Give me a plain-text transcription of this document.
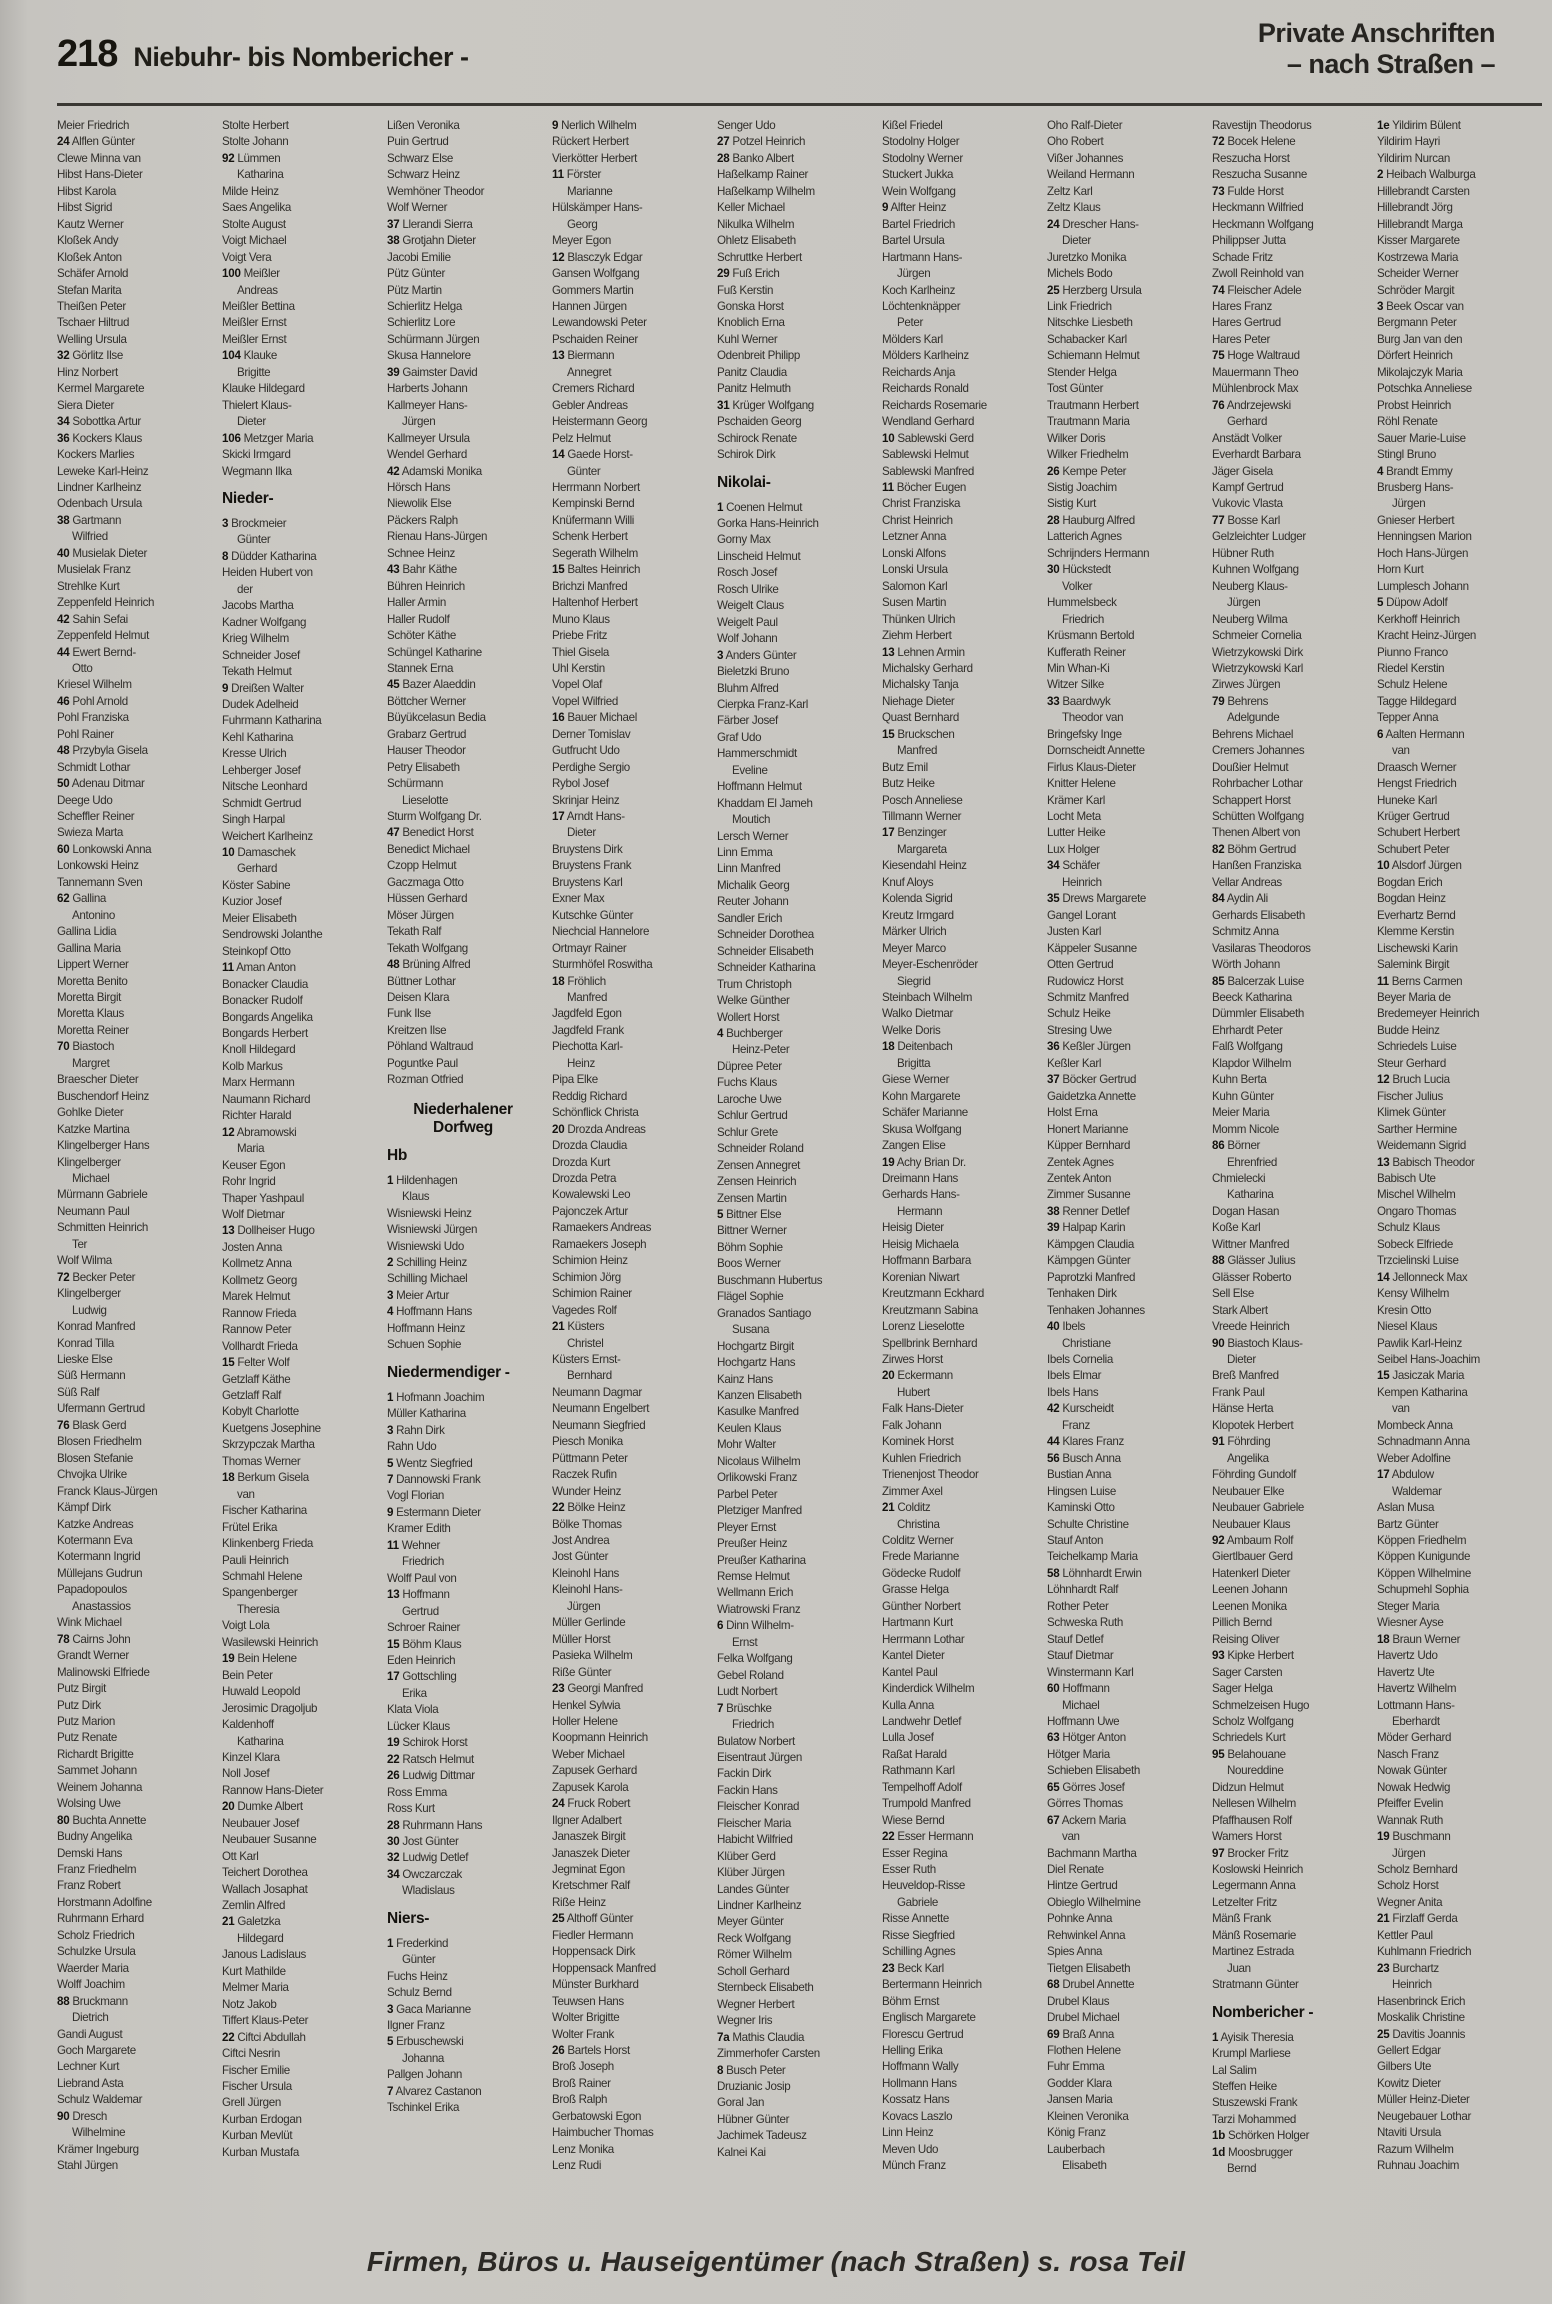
218 Niebuhr- bis Nombericher -
Private Anschriften
– nach Straßen –
Meier Friedrich
24 Alflen Günter
Clewe Minna van
Hibst Hans-Dieter
Hibst Karola
Hibst Sigrid
Kautz Werner
Kloßek Andy
Kloßek Anton
Schäfer Arnold
Stefan Marita
Theißen Peter
Tschaer Hiltrud
Welling Ursula
32 Görlitz Ilse
Hinz Norbert
Kermel Margarete
Siera Dieter
34 Sobottka Artur
36 Kockers Klaus
Kockers Marlies
Leweke Karl-Heinz
Lindner Karlheinz
Odenbach Ursula
38 Gartmann
Wilfried
40 Musielak Dieter
Musielak Franz
Strehlke Kurt
Zeppenfeld Heinrich
42 Sahin Sefai
Zeppenfeld Helmut
44 Ewert Bernd-
Otto
Kriesel Wilhelm
46 Pohl Arnold
Pohl Franziska
Pohl Rainer
48 Przybyla Gisela
Schmidt Lothar
50 Adenau Ditmar
Deege Udo
Scheffler Reiner
Swieza Marta
60 Lonkowski Anna
Lonkowski Heinz
Tannemann Sven
62 Gallina
Antonino
Gallina Lidia
Gallina Maria
Lippert Werner
Moretta Benito
Moretta Birgit
Moretta Klaus
Moretta Reiner
70 Biastoch
Margret
Braescher Dieter
Buschendorf Heinz
Gohlke Dieter
Katzke Martina
Klingelberger Hans
Klingelberger
Michael
Mürmann Gabriele
Neumann Paul
Schmitten Heinrich
Ter
Wolf Wilma
72 Becker Peter
Klingelberger
Ludwig
Konrad Manfred
Konrad Tilla
Lieske Else
Süß Hermann
Süß Ralf
Ufermann Gertrud
76 Blask Gerd
Blosen Friedhelm
Blosen Stefanie
Chvojka Ulrike
Franck Klaus-Jürgen
Kämpf Dirk
Katzke Andreas
Kotermann Eva
Kotermann Ingrid
Müllejans Gudrun
Papadopoulos
Anastassios
Wink Michael
78 Cairns John
Grandt Werner
Malinowski Elfriede
Putz Birgit
Putz Dirk
Putz Marion
Putz Renate
Richardt Brigitte
Sammet Johann
Weinem Johanna
Wolsing Uwe
80 Buchta Annette
Budny Angelika
Demski Hans
Franz Friedhelm
Franz Robert
Horstmann Adolfine
Ruhrmann Erhard
Scholz Friedrich
Schulzke Ursula
Waerder Maria
Wolff Joachim
88 Bruckmann
Dietrich
Gandi August
Goch Margarete
Lechner Kurt
Liebrand Asta
Schulz Waldemar
90 Dresch
Wilhelmine
Krämer Ingeburg
Stahl Jürgen
Stolte Herbert
Stolte Johann
92 Lümmen
Katharina
Milde Heinz
Saes Angelika
Stolte August
Voigt Michael
Voigt Vera
100 Meißler
Andreas
Meißler Bettina
Meißler Ernst
Meißler Ernst
104 Klauke
Brigitte
Klauke Hildegard
Thielert Klaus-
Dieter
106 Metzger Maria
Skicki Irmgard
Wegmann Ilka
Nieder-
3 Brockmeier
Günter
8 Düdder Katharina
Heiden Hubert von
der
Jacobs Martha
Kadner Wolfgang
Krieg Wilhelm
Schneider Josef
Tekath Helmut
9 Dreißen Walter
Dudek Adelheid
Fuhrmann Katharina
Kehl Katharina
Kresse Ulrich
Lehberger Josef
Nitsche Leonhard
Schmidt Gertrud
Singh Harpal
Weichert Karlheinz
10 Damaschek
Gerhard
Köster Sabine
Kuzior Josef
Meier Elisabeth
Sendrowski Jolanthe
Steinkopf Otto
11 Aman Anton
Bonacker Claudia
Bonacker Rudolf
Bongards Angelika
Bongards Herbert
Knoll Hildegard
Kolb Markus
Marx Hermann
Naumann Richard
Richter Harald
12 Abramowski
Maria
Keuser Egon
Rohr Ingrid
Thaper Yashpaul
Wolf Dietmar
13 Dollheiser Hugo
Josten Anna
Kollmetz Anna
Kollmetz Georg
Marek Helmut
Rannow Frieda
Rannow Peter
Vollhardt Frieda
15 Felter Wolf
Getzlaff Käthe
Getzlaff Ralf
Kobylt Charlotte
Kuetgens Josephine
Skrzypczak Martha
Thomas Werner
18 Berkum Gisela
van
Fischer Katharina
Frütel Erika
Klinkenberg Frieda
Pauli Heinrich
Schmahl Helene
Spangenberger
Theresia
Voigt Lola
Wasilewski Heinrich
19 Bein Helene
Bein Peter
Huwald Leopold
Jerosimic Dragoljub
Kaldenhoff
Katharina
Kinzel Klara
Noll Josef
Rannow Hans-Dieter
20 Dumke Albert
Neubauer Josef
Neubauer Susanne
Ott Karl
Teichert Dorothea
Wallach Josaphat
Zemlin Alfred
21 Galetzka
Hildegard
Janous Ladislaus
Kurt Mathilde
Melmer Maria
Notz Jakob
Tiffert Klaus-Peter
22 Ciftci Abdullah
Ciftci Nesrin
Fischer Emilie
Fischer Ursula
Grell Jürgen
Kurban Erdogan
Kurban Mevlüt
Kurban Mustafa
Lißen Veronika
Puin Gertrud
Schwarz Else
Schwarz Heinz
Wemhöner Theodor
Wolf Werner
37 Llerandi Sierra
38 Grotjahn Dieter
Jacobi Emilie
Pütz Günter
Pütz Martin
Schierlitz Helga
Schierlitz Lore
Schürmann Jürgen
Skusa Hannelore
39 Gaimster David
Harberts Johann
Kallmeyer Hans-
Jürgen
Kallmeyer Ursula
Wendel Gerhard
42 Adamski Monika
Hörsch Hans
Niewolik Else
Päckers Ralph
Rienau Hans-Jürgen
Schnee Heinz
43 Bahr Käthe
Bühren Heinrich
Haller Armin
Haller Rudolf
Schöter Käthe
Schüngel Katharine
Stannek Erna
45 Bazer Alaeddin
Böttcher Werner
Büyükcelasun Bedia
Grabarz Gertrud
Hauser Theodor
Petry Elisabeth
Schürmann
Lieselotte
Sturm Wolfgang Dr.
47 Benedict Horst
Benedict Michael
Czopp Helmut
Gaczmaga Otto
Hüssen Gerhard
Möser Jürgen
Tekath Ralf
Tekath Wolfgang
48 Brüning Alfred
Büttner Lothar
Deisen Klara
Funk Ilse
Kreitzen Ilse
Pöhland Waltraud
Poguntke Paul
Rozman Otfried
Niederhalener Dorfweg
Hb
1 Hildenhagen
Klaus
Wisniewski Heinz
Wisniewski Jürgen
Wisniewski Udo
2 Schilling Heinz
Schilling Michael
3 Meier Artur
4 Hoffmann Hans
Hoffmann Heinz
Schuen Sophie
Niedermendiger -
1 Hofmann Joachim
Müller Katharina
3 Rahn Dirk
Rahn Udo
5 Wentz Siegfried
7 Dannowski Frank
Vogl Florian
9 Estermann Dieter
Kramer Edith
11 Wehner
Friedrich
Wolff Paul von
13 Hoffmann
Gertrud
Schroer Rainer
15 Böhm Klaus
Eden Heinrich
17 Gottschling
Erika
Klata Viola
Lücker Klaus
19 Schirok Horst
22 Ratsch Helmut
26 Ludwig Dittmar
Ross Emma
Ross Kurt
28 Ruhrmann Hans
30 Jost Günter
32 Ludwig Detlef
34 Owczarczak
Wladislaus
Niers-
1 Frederkind
Günter
Fuchs Heinz
Schulz Bernd
3 Gaca Marianne
Ilgner Franz
5 Erbuschewski
Johanna
Pallgen Johann
7 Alvarez Castanon
Tschinkel Erika
9 Nerlich Wilhelm
Rückert Herbert
Vierkötter Herbert
11 Förster
Marianne
Hülskämper Hans-
Georg
Meyer Egon
12 Blasczyk Edgar
Gansen Wolfgang
Gommers Martin
Hannen Jürgen
Lewandowski Peter
Pschaiden Reiner
13 Biermann
Annegret
Cremers Richard
Gebler Andreas
Heistermann Georg
Pelz Helmut
14 Gaede Horst-
Günter
Herrmann Norbert
Kempinski Bernd
Knüfermann Willi
Schenk Herbert
Segerath Wilhelm
15 Baltes Heinrich
Brichzi Manfred
Haltenhof Herbert
Muno Klaus
Priebe Fritz
Thiel Gisela
Uhl Kerstin
Vopel Olaf
Vopel Wilfried
16 Bauer Michael
Derner Tomislav
Gutfrucht Udo
Perdighe Sergio
Rybol Josef
Skrinjar Heinz
17 Arndt Hans-
Dieter
Bruystens Dirk
Bruystens Frank
Bruystens Karl
Exner Max
Kutschke Günter
Niechcial Hannelore
Ortmayr Rainer
Sturmhöfel Roswitha
18 Fröhlich
Manfred
Jagdfeld Egon
Jagdfeld Frank
Piechotta Karl-
Heinz
Pipa Elke
Reddig Richard
Schönflick Christa
20 Drozda Andreas
Drozda Claudia
Drozda Kurt
Drozda Petra
Kowalewski Leo
Pajonczek Artur
Ramaekers Andreas
Ramaekers Joseph
Schimion Heinz
Schimion Jörg
Schimion Rainer
Vagedes Rolf
21 Küsters
Christel
Küsters Ernst-
Bernhard
Neumann Dagmar
Neumann Engelbert
Neumann Siegfried
Piesch Monika
Püttmann Peter
Raczek Rufin
Wunder Heinz
22 Bölke Heinz
Bölke Thomas
Jost Andrea
Jost Günter
Kleinohl Hans
Kleinohl Hans-
Jürgen
Müller Gerlinde
Müller Horst
Pasieka Wilhelm
Riße Günter
23 Georgi Manfred
Henkel Sylwia
Holler Helene
Koopmann Heinrich
Weber Michael
Zapusek Gerhard
Zapusek Karola
24 Fruck Robert
Ilgner Adalbert
Janaszek Birgit
Janaszek Dieter
Jegminat Egon
Kretschmer Ralf
Riße Heinz
25 Althoff Günter
Fiedler Hermann
Hoppensack Dirk
Hoppensack Manfred
Münster Burkhard
Teuwsen Hans
Wolter Brigitte
Wolter Frank
26 Bartels Horst
Broß Joseph
Broß Rainer
Broß Ralph
Gerbatowski Egon
Haimbucher Thomas
Lenz Monika
Lenz Rudi
Senger Udo
27 Potzel Heinrich
28 Banko Albert
Haßelkamp Rainer
Haßelkamp Wilhelm
Keller Michael
Nikulka Wilhelm
Ohletz Elisabeth
Schruttke Herbert
29 Fuß Erich
Fuß Kerstin
Gonska Horst
Knoblich Erna
Kuhl Werner
Odenbreit Philipp
Panitz Claudia
Panitz Helmuth
31 Krüger Wolfgang
Pschaiden Georg
Schirock Renate
Schirok Dirk
Nikolai-
1 Coenen Helmut
Gorka Hans-Heinrich
Gorny Max
Linscheid Helmut
Rosch Josef
Rosch Ulrike
Weigelt Claus
Weigelt Paul
Wolf Johann
3 Anders Günter
Bieletzki Bruno
Bluhm Alfred
Cierpka Franz-Karl
Färber Josef
Graf Udo
Hammerschmidt
Eveline
Hoffmann Helmut
Khaddam El Jameh
Moutich
Lersch Werner
Linn Emma
Linn Manfred
Michalik Georg
Reuter Johann
Sandler Erich
Schneider Dorothea
Schneider Elisabeth
Schneider Katharina
Trum Christoph
Welke Günther
Wollert Horst
4 Buchberger
Heinz-Peter
Düpree Peter
Fuchs Klaus
Laroche Uwe
Schlur Gertrud
Schlur Grete
Schneider Roland
Zensen Annegret
Zensen Heinrich
Zensen Martin
5 Bittner Else
Bittner Werner
Böhm Sophie
Boos Werner
Buschmann Hubertus
Flägel Sophie
Granados Santiago
Susana
Hochgartz Birgit
Hochgartz Hans
Kainz Hans
Kanzen Elisabeth
Kasulke Manfred
Keulen Klaus
Mohr Walter
Nicolaus Wilhelm
Orlikowski Franz
Parbel Peter
Pletziger Manfred
Pleyer Ernst
Preußer Heinz
Preußer Katharina
Remse Helmut
Wellmann Erich
Wiatrowski Franz
6 Dinn Wilhelm-
Ernst
Felka Wolfgang
Gebel Roland
Ludt Norbert
7 Brüschke
Friedrich
Bulatow Norbert
Eisentraut Jürgen
Fackin Dirk
Fackin Hans
Fleischer Konrad
Fleischer Maria
Habicht Wilfried
Klüber Gerd
Klüber Jürgen
Landes Günter
Lindner Karlheinz
Meyer Günter
Reck Wolfgang
Römer Wilhelm
Scholl Gerhard
Sternbeck Elisabeth
Wegner Herbert
Wegner Iris
7a Mathis Claudia
Zimmerhofer Carsten
8 Busch Peter
Druzianic Josip
Goral Jan
Hübner Günter
Jachimek Tadeusz
Kalnei Kai
Kißel Friedel
Stodolny Holger
Stodolny Werner
Stuckert Jukka
Wein Wolfgang
9 Alfter Heinz
Bartel Friedrich
Bartel Ursula
Hartmann Hans-
Jürgen
Koch Karlheinz
Löchtenknäpper
Peter
Mölders Karl
Mölders Karlheinz
Reichards Anja
Reichards Ronald
Reichards Rosemarie
Wendland Gerhard
10 Sablewski Gerd
Sablewski Helmut
Sablewski Manfred
11 Böcher Eugen
Christ Franziska
Christ Heinrich
Letzner Anna
Lonski Alfons
Lonski Ursula
Salomon Karl
Susen Martin
Thünken Ulrich
Ziehm Herbert
13 Lehnen Armin
Michalsky Gerhard
Michalsky Tanja
Niehage Dieter
Quast Bernhard
15 Bruckschen
Manfred
Butz Emil
Butz Heike
Posch Anneliese
Tillmann Werner
17 Benzinger
Margareta
Kiesendahl Heinz
Knuf Aloys
Kolenda Sigrid
Kreutz Irmgard
Märker Ulrich
Meyer Marco
Meyer-Eschenröder
Siegrid
Steinbach Wilhelm
Walko Dietmar
Welke Doris
18 Deitenbach
Brigitta
Giese Werner
Kohn Margarete
Schäfer Marianne
Skusa Wolfgang
Zangen Elise
19 Achy Brian Dr.
Dreimann Hans
Gerhards Hans-
Hermann
Heisig Dieter
Heisig Michaela
Hoffmann Barbara
Korenian Niwart
Kreutzmann Eckhard
Kreutzmann Sabina
Lorenz Lieselotte
Spellbrink Bernhard
Zirwes Horst
20 Eckermann
Hubert
Falk Hans-Dieter
Falk Johann
Kominek Horst
Kuhlen Friedrich
Trienenjost Theodor
Zimmer Axel
21 Colditz
Christina
Colditz Werner
Frede Marianne
Gödecke Rudolf
Grasse Helga
Günther Norbert
Hartmann Kurt
Herrmann Lothar
Kantel Dieter
Kantel Paul
Kinderdick Wilhelm
Kulla Anna
Landwehr Detlef
Lulla Josef
Raßat Harald
Rathmann Karl
Tempelhoff Adolf
Trumpold Manfred
Wiese Bernd
22 Esser Hermann
Esser Regina
Esser Ruth
Heuveldop-Risse
Gabriele
Risse Annette
Risse Siegfried
Schilling Agnes
23 Beck Karl
Bertermann Heinrich
Böhm Ernst
Englisch Margarete
Florescu Gertrud
Helling Erika
Hoffmann Wally
Hollmann Hans
Kossatz Hans
Kovacs Laszlo
Linn Heinz
Meven Udo
Münch Franz
Oho Ralf-Dieter
Oho Robert
Vißer Johannes
Weiland Hermann
Zeltz Karl
Zeltz Klaus
24 Drescher Hans-
Dieter
Juretzko Monika
Michels Bodo
25 Herzberg Ursula
Link Friedrich
Nitschke Liesbeth
Schabacker Karl
Schiemann Helmut
Stender Helga
Tost Günter
Trautmann Herbert
Trautmann Maria
Wilker Doris
Wilker Friedhelm
26 Kempe Peter
Sistig Joachim
Sistig Kurt
28 Hauburg Alfred
Latterich Agnes
Schrijnders Hermann
30 Hückstedt
Volker
Hummelsbeck
Friedrich
Krüsmann Bertold
Kufferath Reiner
Min Whan-Ki
Witzer Silke
33 Baardwyk
Theodor van
Bringefsky Inge
Dornscheidt Annette
Firlus Klaus-Dieter
Knitter Helene
Krämer Karl
Locht Meta
Lutter Heike
Lux Holger
34 Schäfer
Heinrich
35 Drews Margarete
Gangel Lorant
Justen Karl
Käppeler Susanne
Otten Gertrud
Rudowicz Horst
Schmitz Manfred
Schulz Heike
Stresing Uwe
36 Keßler Jürgen
Keßler Karl
37 Böcker Gertrud
Gaidetzka Annette
Holst Erna
Honert Marianne
Küpper Bernhard
Zentek Agnes
Zentek Anton
Zimmer Susanne
38 Renner Detlef
39 Halpap Karin
Kämpgen Claudia
Kämpgen Günter
Paprotzki Manfred
Tenhaken Dirk
Tenhaken Johannes
40 Ibels
Christiane
Ibels Cornelia
Ibels Elmar
Ibels Hans
42 Kurscheidt
Franz
44 Klares Franz
56 Busch Anna
Bustian Anna
Hingsen Luise
Kaminski Otto
Schulte Christine
Stauf Anton
Teichelkamp Maria
58 Löhnhardt Erwin
Löhnhardt Ralf
Rother Peter
Schweska Ruth
Stauf Detlef
Stauf Dietmar
Winstermann Karl
60 Hoffmann
Michael
Hoffmann Uwe
63 Hötger Anton
Hötger Maria
Schieben Elisabeth
65 Görres Josef
Görres Thomas
67 Ackern Maria
van
Bachmann Martha
Diel Renate
Hintze Gertrud
Obieglo Wilhelmine
Pohnke Anna
Rehwinkel Anna
Spies Anna
Tietgen Elisabeth
68 Drubel Annette
Drubel Klaus
Drubel Michael
69 Braß Anna
Flothen Helene
Fuhr Emma
Godder Klara
Jansen Maria
Kleinen Veronika
König Franz
Lauberbach
Elisabeth
Ravestijn Theodorus
72 Bocek Helene
Reszucha Horst
Reszucha Susanne
73 Fulde Horst
Heckmann Wilfried
Heckmann Wolfgang
Philippser Jutta
Schade Fritz
Zwoll Reinhold van
74 Fleischer Adele
Hares Franz
Hares Gertrud
Hares Peter
75 Hoge Waltraud
Mauermann Theo
Mühlenbrock Max
76 Andrzejewski
Gerhard
Anstädt Volker
Everhardt Barbara
Jäger Gisela
Kampf Gertrud
Vukovic Vlasta
77 Bosse Karl
Gelzleichter Ludger
Hübner Ruth
Kuhnen Wolfgang
Neuberg Klaus-
Jürgen
Neuberg Wilma
Schmeier Cornelia
Wietrzykowski Dirk
Wietrzykowski Karl
Zirwes Jürgen
79 Behrens
Adelgunde
Behrens Michael
Cremers Johannes
Doußier Helmut
Rohrbacher Lothar
Schappert Horst
Schütten Wolfgang
Thenen Albert von
82 Böhm Gertrud
Hanßen Franziska
Vellar Andreas
84 Aydin Ali
Gerhards Elisabeth
Schmitz Anna
Vasilaras Theodoros
Wörth Johann
85 Balcerzak Luise
Beeck Katharina
Dümmler Elisabeth
Ehrhardt Peter
Falß Wolfgang
Klapdor Wilhelm
Kuhn Berta
Kuhn Günter
Meier Maria
Momm Nicole
86 Börner
Ehrenfried
Chmielecki
Katharina
Dogan Hasan
Koße Karl
Wittner Manfred
88 Glässer Julius
Glässer Roberto
Sell Else
Stark Albert
Vreede Heinrich
90 Biastoch Klaus-
Dieter
Breß Manfred
Frank Paul
Hänse Herta
Klopotek Herbert
91 Föhrding
Angelika
Föhrding Gundolf
Neubauer Elke
Neubauer Gabriele
Neubauer Klaus
92 Ambaum Rolf
Giertlbauer Gerd
Hatenkerl Dieter
Leenen Johann
Leenen Monika
Pillich Bernd
Reising Oliver
93 Kipke Herbert
Sager Carsten
Sager Helga
Schmelzeisen Hugo
Scholz Wolfgang
Schriedels Kurt
95 Belahouane
Noureddine
Didzun Helmut
Nellesen Wilhelm
Pfaffhausen Rolf
Wamers Horst
97 Brocker Fritz
Koslowski Heinrich
Legermann Anna
Letzelter Fritz
Mänß Frank
Mänß Rosemarie
Martinez Estrada
Juan
Stratmann Günter
Nombericher -
1 Ayisik Theresia
Krumpl Marliese
Lal Salim
Steffen Heike
Stuszewski Frank
Tarzi Mohammed
1b Schörken Holger
1d Moosbrugger
Bernd
1e Yildirim Bülent
Yildirim Hayri
Yildirim Nurcan
2 Heibach Walburga
Hillebrandt Carsten
Hillebrandt Jörg
Hillebrandt Marga
Kisser Margarete
Kostrzewa Maria
Scheider Werner
Schröder Margit
3 Beek Oscar van
Bergmann Peter
Burg Jan van den
Dörfert Heinrich
Mikolajczyk Maria
Potschka Anneliese
Probst Heinrich
Röhl Renate
Sauer Marie-Luise
Stingl Bruno
4 Brandt Emmy
Brusberg Hans-
Jürgen
Gnieser Herbert
Henningsen Marion
Hoch Hans-Jürgen
Horn Kurt
Lumplesch Johann
5 Düpow Adolf
Kerkhoff Heinrich
Kracht Heinz-Jürgen
Piunno Franco
Riedel Kerstin
Schulz Helene
Tagge Hildegard
Tepper Anna
6 Aalten Hermann
van
Draasch Werner
Hengst Friedrich
Huneke Karl
Krüger Gertrud
Schubert Herbert
Schubert Peter
10 Alsdorf Jürgen
Bogdan Erich
Bogdan Heinz
Everhartz Bernd
Klemme Kerstin
Lischewski Karin
Salemink Birgit
11 Berns Carmen
Beyer Maria de
Bredemeyer Heinrich
Budde Heinz
Schriedels Luise
Steur Gerhard
12 Bruch Lucia
Fischer Julius
Klimek Günter
Sarther Hermine
Weidemann Sigrid
13 Babisch Theodor
Babisch Ute
Mischel Wilhelm
Ongaro Thomas
Schulz Klaus
Sobeck Elfriede
Trzcielinski Luise
14 Jellonneck Max
Kensy Wilhelm
Kresin Otto
Niesel Klaus
Pawlik Karl-Heinz
Seibel Hans-Joachim
15 Jasiczak Maria
Kempen Katharina
van
Mombeck Anna
Schnadmann Anna
Weber Adolfine
17 Abdulow
Waldemar
Aslan Musa
Bartz Günter
Köppen Friedhelm
Köppen Kunigunde
Köppen Wilhelmine
Schupmehl Sophia
Steger Maria
Wiesner Ayse
18 Braun Werner
Havertz Udo
Havertz Ute
Havertz Wilhelm
Lottmann Hans-
Eberhardt
Möder Gerhard
Nasch Franz
Nowak Günter
Nowak Hedwig
Pfeiffer Evelin
Wannak Ruth
19 Buschmann
Jürgen
Scholz Bernhard
Scholz Horst
Wegner Anita
21 Firzlaff Gerda
Kettler Paul
Kuhlmann Friedrich
23 Burchartz
Heinrich
Hasenbrinck Erich
Moskalik Christine
25 Davitis Joannis
Gellert Edgar
Gilbers Ute
Kowitz Dieter
Müller Heinz-Dieter
Neugebauer Lothar
Ntaviti Ursula
Razum Wilhelm
Ruhnau Joachim
Firmen, Büros u. Hauseigentümer (nach Straßen) s. rosa Teil
